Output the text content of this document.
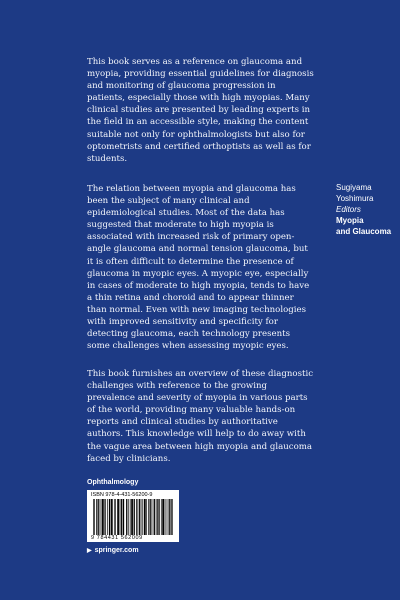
This book serves as a reference on glaucoma and myopia, providing essential guidelines for diagnosis and monitoring of glaucoma progression in patients, especially those with high myopias. Many clinical studies are presented by leading experts in the field in an accessible style, making the content suitable not only for ophthalmologists but also for optometrists and certified orthoptists as well as for students.

The relation between myopia and glaucoma has been the subject of many clinical and epidemiological studies. Most of the data has suggested that moderate to high myopia is associated with increased risk of primary open-angle glaucoma and normal tension glaucoma, but it is often difficult to determine the presence of glaucoma in myopic eyes. A myopic eye, especially in cases of moderate to high myopia, tends to have a thin retina and choroid and to appear thinner than normal. Even with new imaging technologies with improved sensitivity and specificity for detecting glaucoma, each technology presents some challenges when assessing myopic eyes.

This book furnishes an overview of these diagnostic challenges with reference to the growing prevalence and severity of myopia in various parts of the world, providing many valuable hands-on reports and clinical studies by authoritative authors. This knowledge will help to do away with the vague area between high myopia and glaucoma faced by clinicians.

Sugiyama
Yoshimura
Editors
Myopia
and Glaucoma
Ophthalmology
ISBN 978-4-431-56200-9
9 784431 562009
▶ springer.com
